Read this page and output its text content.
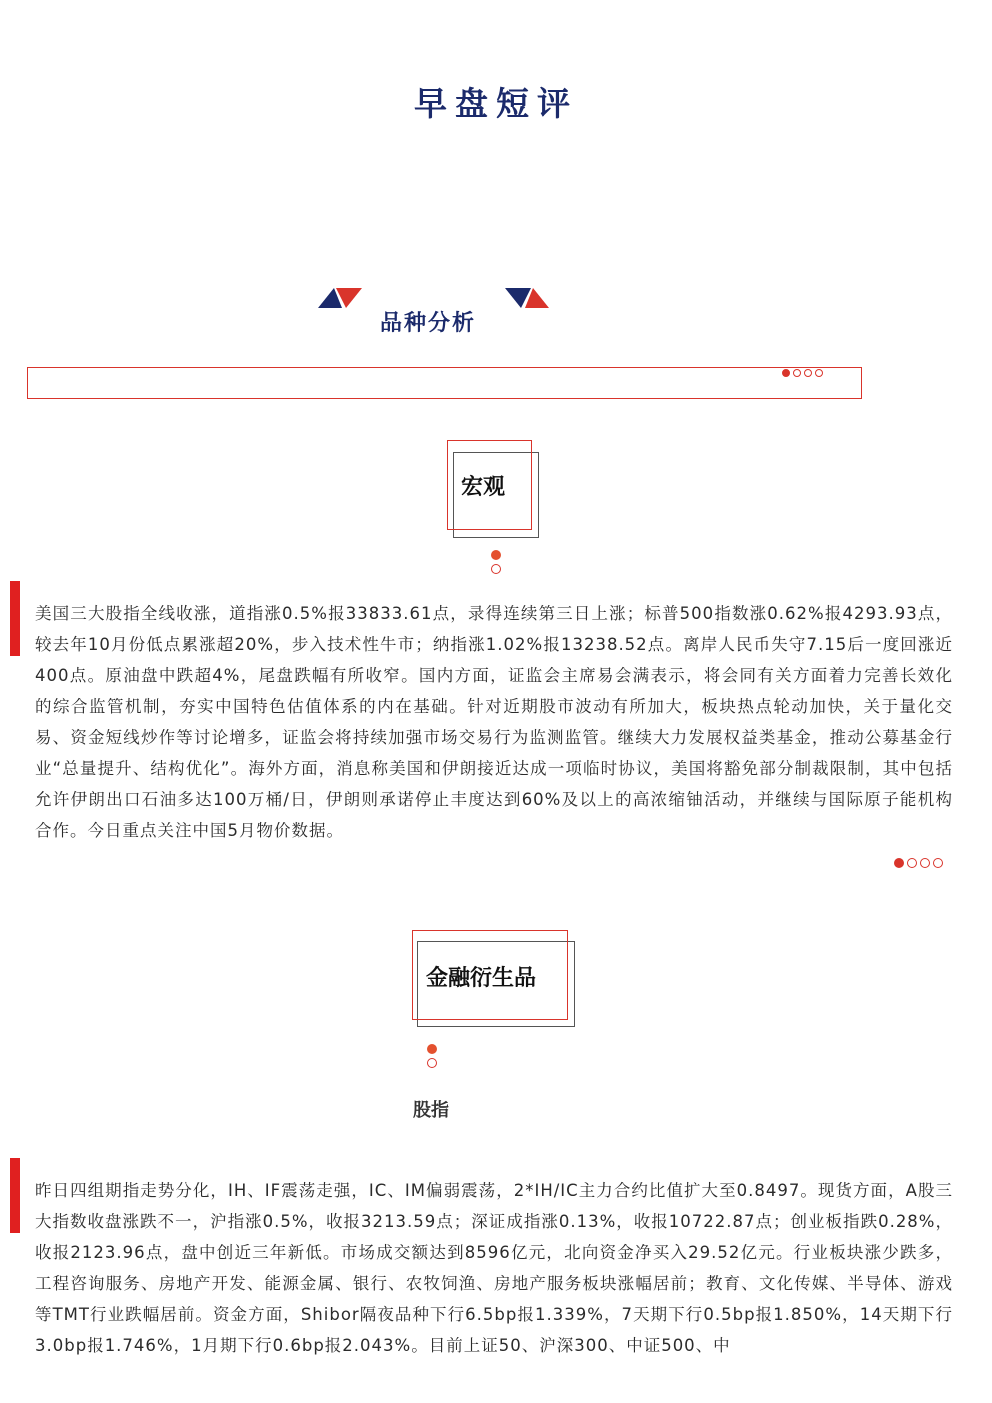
早盘短评
品种分析
宏观
美国三大股指全线收涨，道指涨0.5%报33833.61点，录得连续第三日上涨；标普500指数涨0.62%报4293.93点，较去年10月份低点累涨超20%，步入技术性牛市；纳指涨1.02%报13238.52点。离岸人民币失守7.15后一度回涨近400点。原油盘中跌超4%，尾盘跌幅有所收窄。国内方面，证监会主席易会满表示，将会同有关方面着力完善长效化的综合监管机制，夯实中国特色估值体系的内在基础。针对近期股市波动有所加大，板块热点轮动加快，关于量化交易、资金短线炒作等讨论增多，证监会将持续加强市场交易行为监测监管。继续大力发展权益类基金，推动公募基金行业“总量提升、结构优化”。海外方面，消息称美国和伊朗接近达成一项临时协议，美国将豁免部分制裁限制，其中包括允许伊朗出口石油多达100万桶/日，伊朗则承诺停止丰度达到60%及以上的高浓缩铀活动，并继续与国际原子能机构合作。今日重点关注中国5月物价数据。
金融衍生品
股指
昨日四组期指走势分化，IH、IF震荡走强，IC、IM偏弱震荡，2*IH/IC主力合约比值扩大至0.8497。现货方面，A股三大指数收盘涨跌不一，沪指涨0.5%，收报3213.59点；深证成指涨0.13%，收报10722.87点；创业板指跌0.28%，收报2123.96点，盘中创近三年新低。市场成交额达到8596亿元，北向资金净买入29.52亿元。行业板块涨少跌多，工程咨询服务、房地产开发、能源金属、银行、农牧饲渔、房地产服务板块涨幅居前；教育、文化传媒、半导体、游戏等TMT行业跌幅居前。资金方面，Shibor隔夜品种下行6.5bp报1.339%，7天期下行0.5bp报1.850%，14天期下行3.0bp报1.746%，1月期下行0.6bp报2.043%。目前上证50、沪深300、中证500、中
